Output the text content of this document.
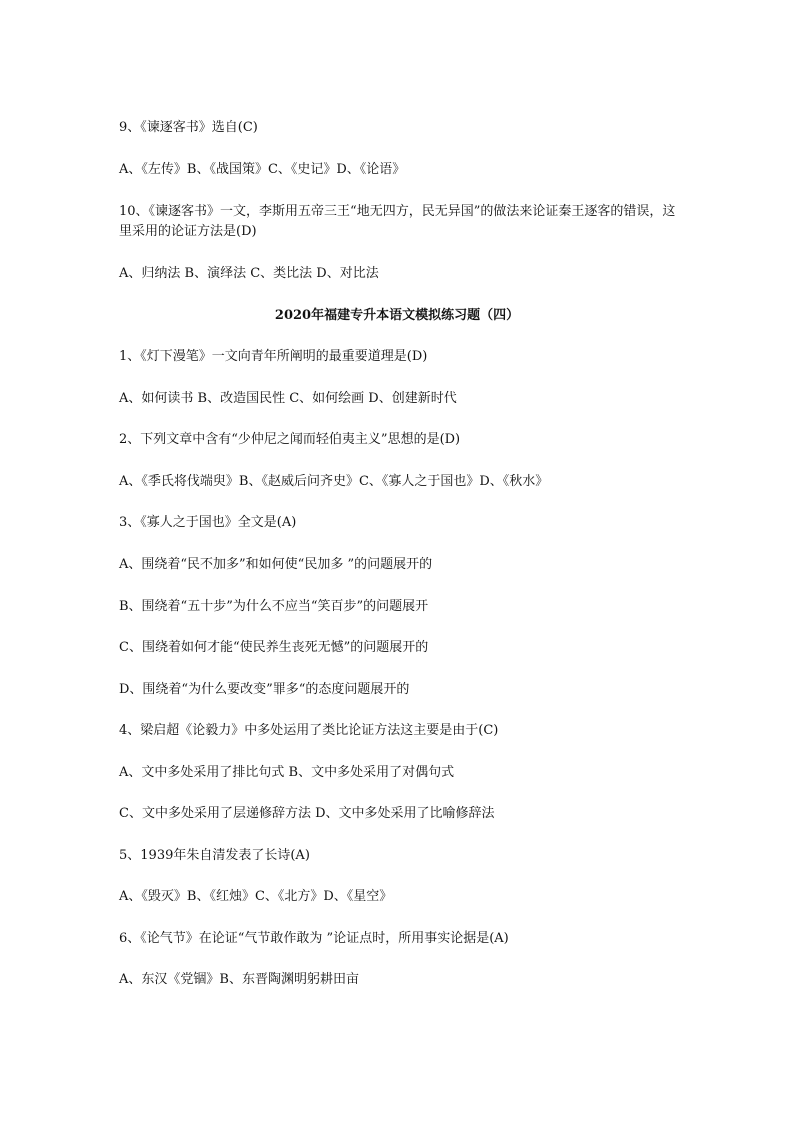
9、《谏逐客书》选自(C)
A、《左传》B、《战国策》C、《史记》D、《论语》
10、《谏逐客书》一文，李斯用五帝三王“地无四方，民无异国”的做法来论证秦王逐客的错误，这里采用的论证方法是(D)
A、归纳法 B、演绎法 C、类比法 D、对比法
2020年福建专升本语文模拟练习题（四）
1、《灯下漫笔》一文向青年所阐明的最重要道理是(D)
A、如何读书 B、改造国民性 C、如何绘画 D、创建新时代
2、下列文章中含有“少仲尼之闻而轻伯夷主义”思想的是(D)
A、《季氏将伐端臾》B、《赵威后问齐史》C、《寡人之于国也》D、《秋水》
3、《寡人之于国也》全文是(A)
A、围绕着“民不加多”和如何使“民加多 ”的问题展开的
B、围绕着“五十步”为什么不应当“笑百步”的问题展开
C、围绕着如何才能“使民养生丧死无憾”的问题展开的
D、围绕着“为什么要改变”罪多“的态度问题展开的
4、梁启超《论毅力》中多处运用了类比论证方法这主要是由于(C)
A、文中多处采用了排比句式 B、文中多处采用了对偶句式
C、文中多处采用了层递修辞方法 D、文中多处采用了比喻修辞法
5、1939年朱自清发表了长诗(A)
A、《毁灭》B、《红烛》C、《北方》D、《星空》
6、《论气节》在论证“气节敢作敢为 ”论证点时，所用事实论据是(A)
A、东汉《党锢》B、东晋陶渊明躬耕田亩
